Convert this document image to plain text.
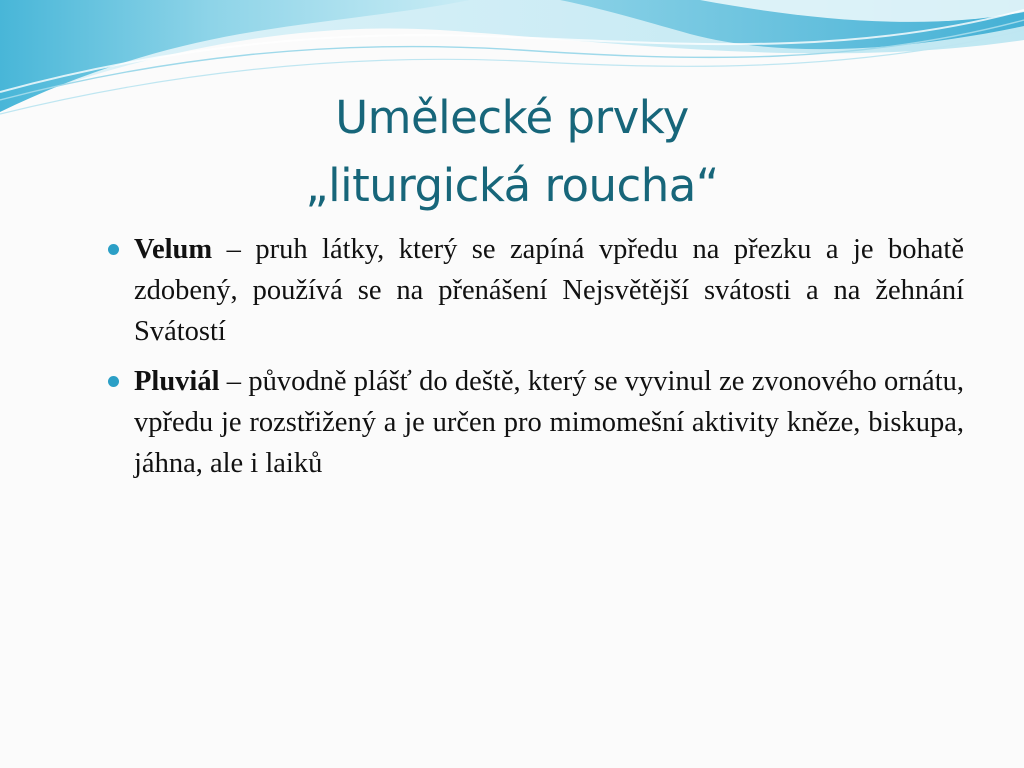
Umělecké prvky
„liturgická roucha“
Velum – pruh látky, který se zapíná vpředu na přezku a je bohatě zdobený, používá se na přenášení Nejsvětější svátosti a na žehnání Svátostí
Pluviál – původně plášť do deště, který se vyvinul ze zvonového ornátu, vpředu je rozstřižený a je určen pro mimomešní aktivity kněze, biskupa, jáhna, ale i laiků
